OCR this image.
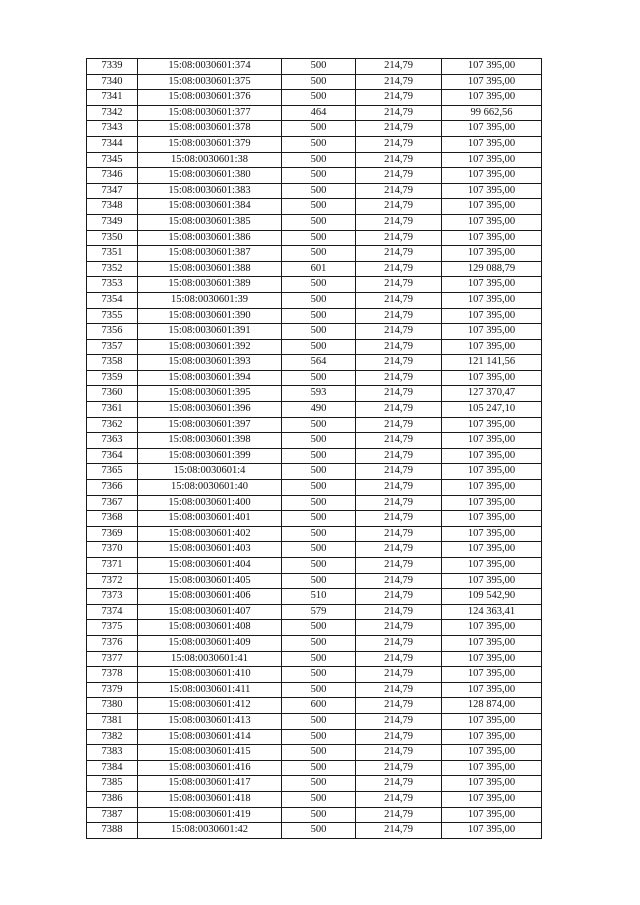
7339	15:08:0030601:374	500	214,79	107 395,00
7340	15:08:0030601:375	500	214,79	107 395,00
7341	15:08:0030601:376	500	214,79	107 395,00
7342	15:08:0030601:377	464	214,79	99 662,56
7343	15:08:0030601:378	500	214,79	107 395,00
7344	15:08:0030601:379	500	214,79	107 395,00
7345	15:08:0030601:38	500	214,79	107 395,00
7346	15:08:0030601:380	500	214,79	107 395,00
7347	15:08:0030601:383	500	214,79	107 395,00
7348	15:08:0030601:384	500	214,79	107 395,00
7349	15:08:0030601:385	500	214,79	107 395,00
7350	15:08:0030601:386	500	214,79	107 395,00
7351	15:08:0030601:387	500	214,79	107 395,00
7352	15:08:0030601:388	601	214,79	129 088,79
7353	15:08:0030601:389	500	214,79	107 395,00
7354	15:08:0030601:39	500	214,79	107 395,00
7355	15:08:0030601:390	500	214,79	107 395,00
7356	15:08:0030601:391	500	214,79	107 395,00
7357	15:08:0030601:392	500	214,79	107 395,00
7358	15:08:0030601:393	564	214,79	121 141,56
7359	15:08:0030601:394	500	214,79	107 395,00
7360	15:08:0030601:395	593	214,79	127 370,47
7361	15:08:0030601:396	490	214,79	105 247,10
7362	15:08:0030601:397	500	214,79	107 395,00
7363	15:08:0030601:398	500	214,79	107 395,00
7364	15:08:0030601:399	500	214,79	107 395,00
7365	15:08:0030601:4	500	214,79	107 395,00
7366	15:08:0030601:40	500	214,79	107 395,00
7367	15:08:0030601:400	500	214,79	107 395,00
7368	15:08:0030601:401	500	214,79	107 395,00
7369	15:08:0030601:402	500	214,79	107 395,00
7370	15:08:0030601:403	500	214,79	107 395,00
7371	15:08:0030601:404	500	214,79	107 395,00
7372	15:08:0030601:405	500	214,79	107 395,00
7373	15:08:0030601:406	510	214,79	109 542,90
7374	15:08:0030601:407	579	214,79	124 363,41
7375	15:08:0030601:408	500	214,79	107 395,00
7376	15:08:0030601:409	500	214,79	107 395,00
7377	15:08:0030601:41	500	214,79	107 395,00
7378	15:08:0030601:410	500	214,79	107 395,00
7379	15:08:0030601:411	500	214,79	107 395,00
7380	15:08:0030601:412	600	214,79	128 874,00
7381	15:08:0030601:413	500	214,79	107 395,00
7382	15:08:0030601:414	500	214,79	107 395,00
7383	15:08:0030601:415	500	214,79	107 395,00
7384	15:08:0030601:416	500	214,79	107 395,00
7385	15:08:0030601:417	500	214,79	107 395,00
7386	15:08:0030601:418	500	214,79	107 395,00
7387	15:08:0030601:419	500	214,79	107 395,00
7388	15:08:0030601:42	500	214,79	107 395,00
